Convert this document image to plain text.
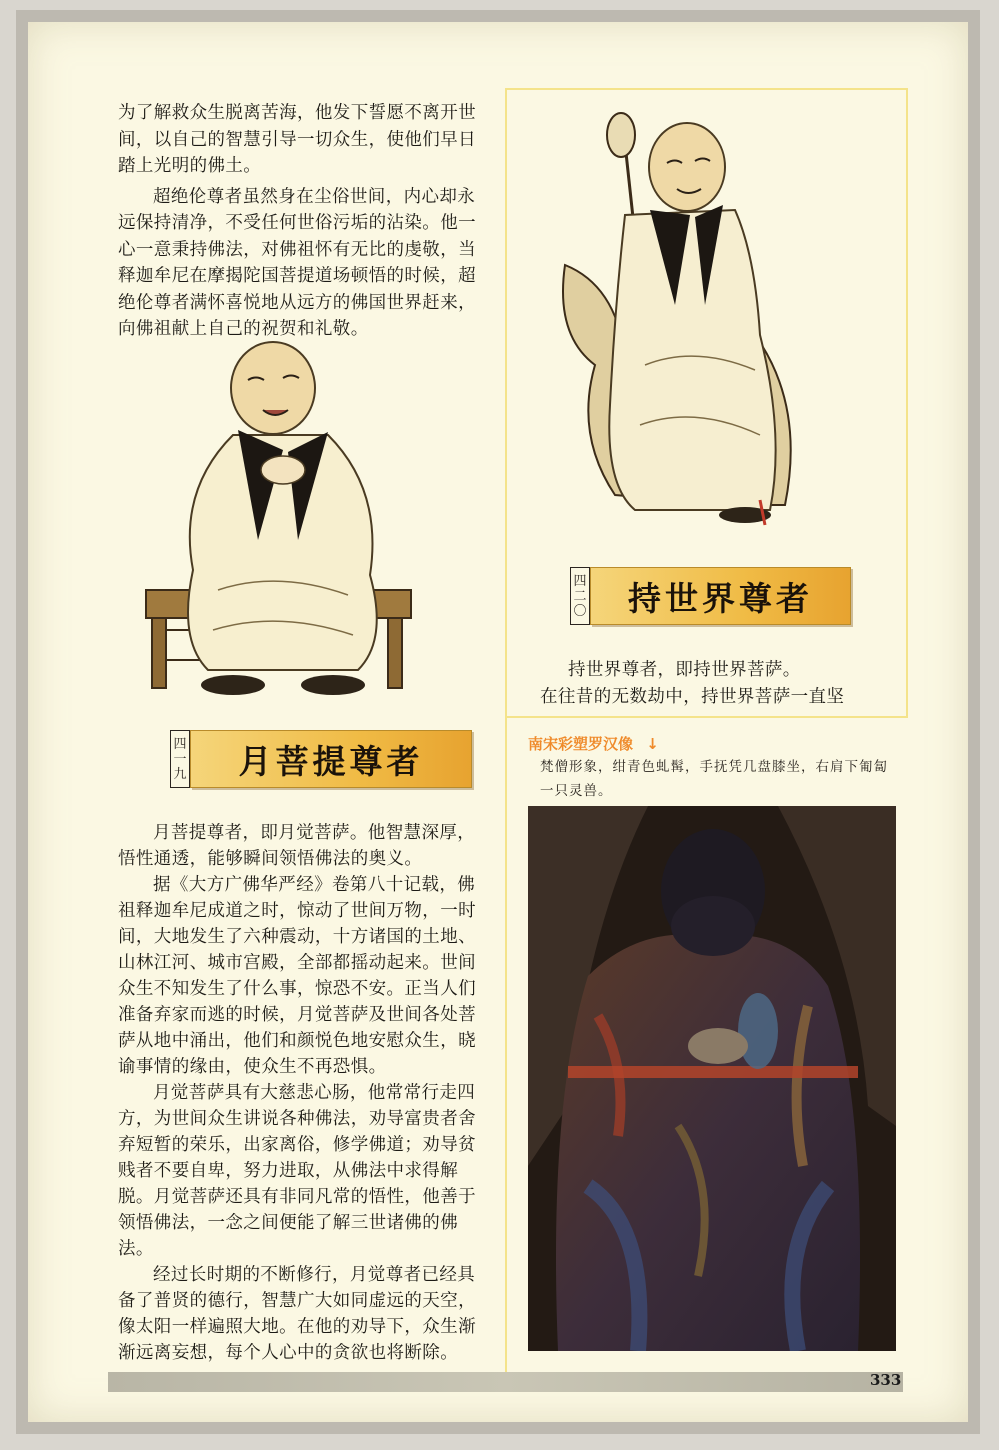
为了解救众生脱离苦海，他发下誓愿不离开世间，以自己的智慧引导一切众生，使他们早日踏上光明的佛土。

超绝伦尊者虽然身在尘俗世间，内心却永远保持清净，不受任何世俗污垢的沾染。他一心一意秉持佛法，对佛祖怀有无比的虔敬，当释迦牟尼在摩揭陀国菩提道场顿悟的时候，超绝伦尊者满怀喜悦地从远方的佛国世界赶来，向佛祖献上自己的祝贺和礼敬。

四
二
〇	持世界尊者

持世界尊者，即持世界菩萨。

在往昔的无数劫中，持世界菩萨一直坚

四
一
九	月菩提尊者

月菩提尊者，即月觉菩萨。他智慧深厚，悟性通透，能够瞬间领悟佛法的奥义。

据《大方广佛华严经》卷第八十记载，佛祖释迦牟尼成道之时，惊动了世间万物，一时间，大地发生了六种震动，十方诸国的土地、山林江河、城市宫殿，全部都摇动起来。世间众生不知发生了什么事，惊恐不安。正当人们准备弃家而逃的时候，月觉菩萨及世间各处菩萨从地中涌出，他们和颜悦色地安慰众生，晓谕事情的缘由，使众生不再恐惧。

月觉菩萨具有大慈悲心肠，他常常行走四方，为世间众生讲说各种佛法，劝导富贵者舍弃短暂的荣乐，出家离俗，修学佛道；劝导贫贱者不要自卑，努力进取，从佛法中求得解脱。月觉菩萨还具有非同凡常的悟性，他善于领悟佛法，一念之间便能了解三世诸佛的佛法。

经过长时期的不断修行，月觉尊者已经具备了普贤的德行，智慧广大如同虚远的天空，像太阳一样遍照大地。在他的劝导下，众生渐渐远离妄想，每个人心中的贪欲也将断除。

南宋彩塑罗汉像 ↓
梵僧形象，绀青色虬髯，手抚凭几盘膝坐，右肩下匍匐一只灵兽。
333
